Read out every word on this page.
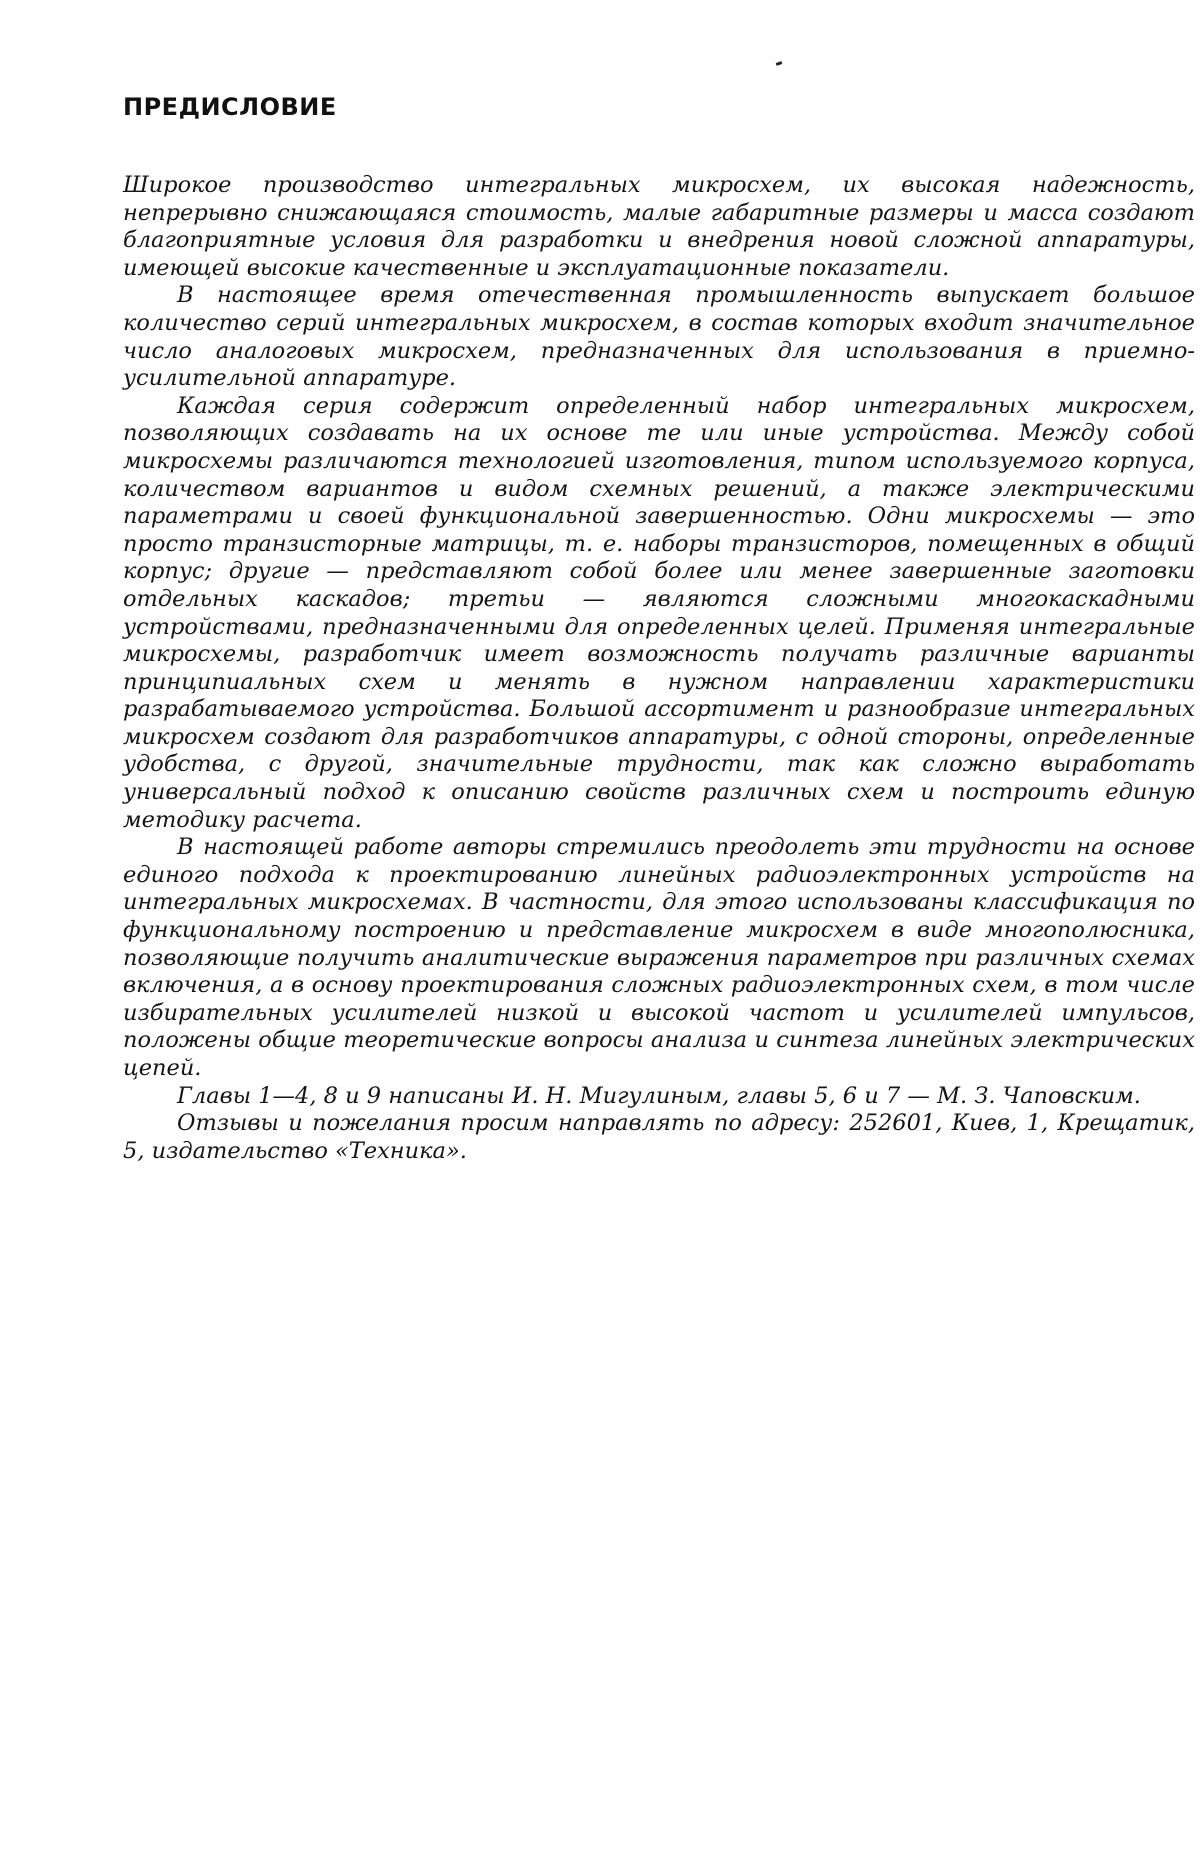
ПРЕДИСЛОВИЕ

Широкое производство интегральных микросхем, их высокая надежность, непрерывно снижающаяся стоимость, малые габаритные размеры и масса создают благоприятные условия для разработки и внедрения новой сложной аппаратуры, имеющей высокие качественные и эксплуатационные показатели.

В настоящее время отечественная промышленность выпускает большое количество серий интегральных микросхем, в состав которых входит значительное число аналоговых микросхем, предназначенных для использования в приемно-усилительной аппаратуре.

Каждая серия содержит определенный набор интегральных микросхем, позволяющих создавать на их основе те или иные устройства. Между собой микросхемы различаются технологией изготовления, типом используемого корпуса, количеством вариантов и видом схемных решений, а также электрическими параметрами и своей функциональной завершенностью. Одни микросхемы — это просто транзисторные матрицы, т. е. наборы транзисторов, помещенных в общий корпус; другие — представляют собой более или менее завершенные заготовки отдельных каскадов; третьи — являются сложными многокаскадными устройствами, предназначенными для определенных целей. Применяя интегральные микросхемы, разработчик имеет возможность получать различные варианты принципиальных схем и менять в нужном направлении характеристики разрабатываемого устройства. Большой ассортимент и разнообразие интегральных микросхем создают для разработчиков аппаратуры, с одной стороны, определенные удобства, с другой, значительные трудности, так как сложно выработать универсальный подход к описанию свойств различных схем и построить единую методику расчета.

В настоящей работе авторы стремились преодолеть эти трудности на основе единого подхода к проектированию линейных радиоэлектронных устройств на интегральных микросхемах. В частности, для этого использованы классификация по функциональному построению и представление микросхем в виде многополюсника, позволяющие получить аналитические выражения параметров при различных схемах включения, а в основу проектирования сложных радиоэлектронных схем, в том числе избирательных усилителей низкой и высокой частот и усилителей импульсов, положены общие теоретические вопросы анализа и синтеза линейных электрических цепей.

Главы 1—4, 8 и 9 написаны И. Н. Мигулиным, главы 5, 6 и 7 — М. З. Чаповским.

Отзывы и пожелания просим направлять по адресу: 252601, Киев, 1, Крещатик, 5, издательство «Техника».
